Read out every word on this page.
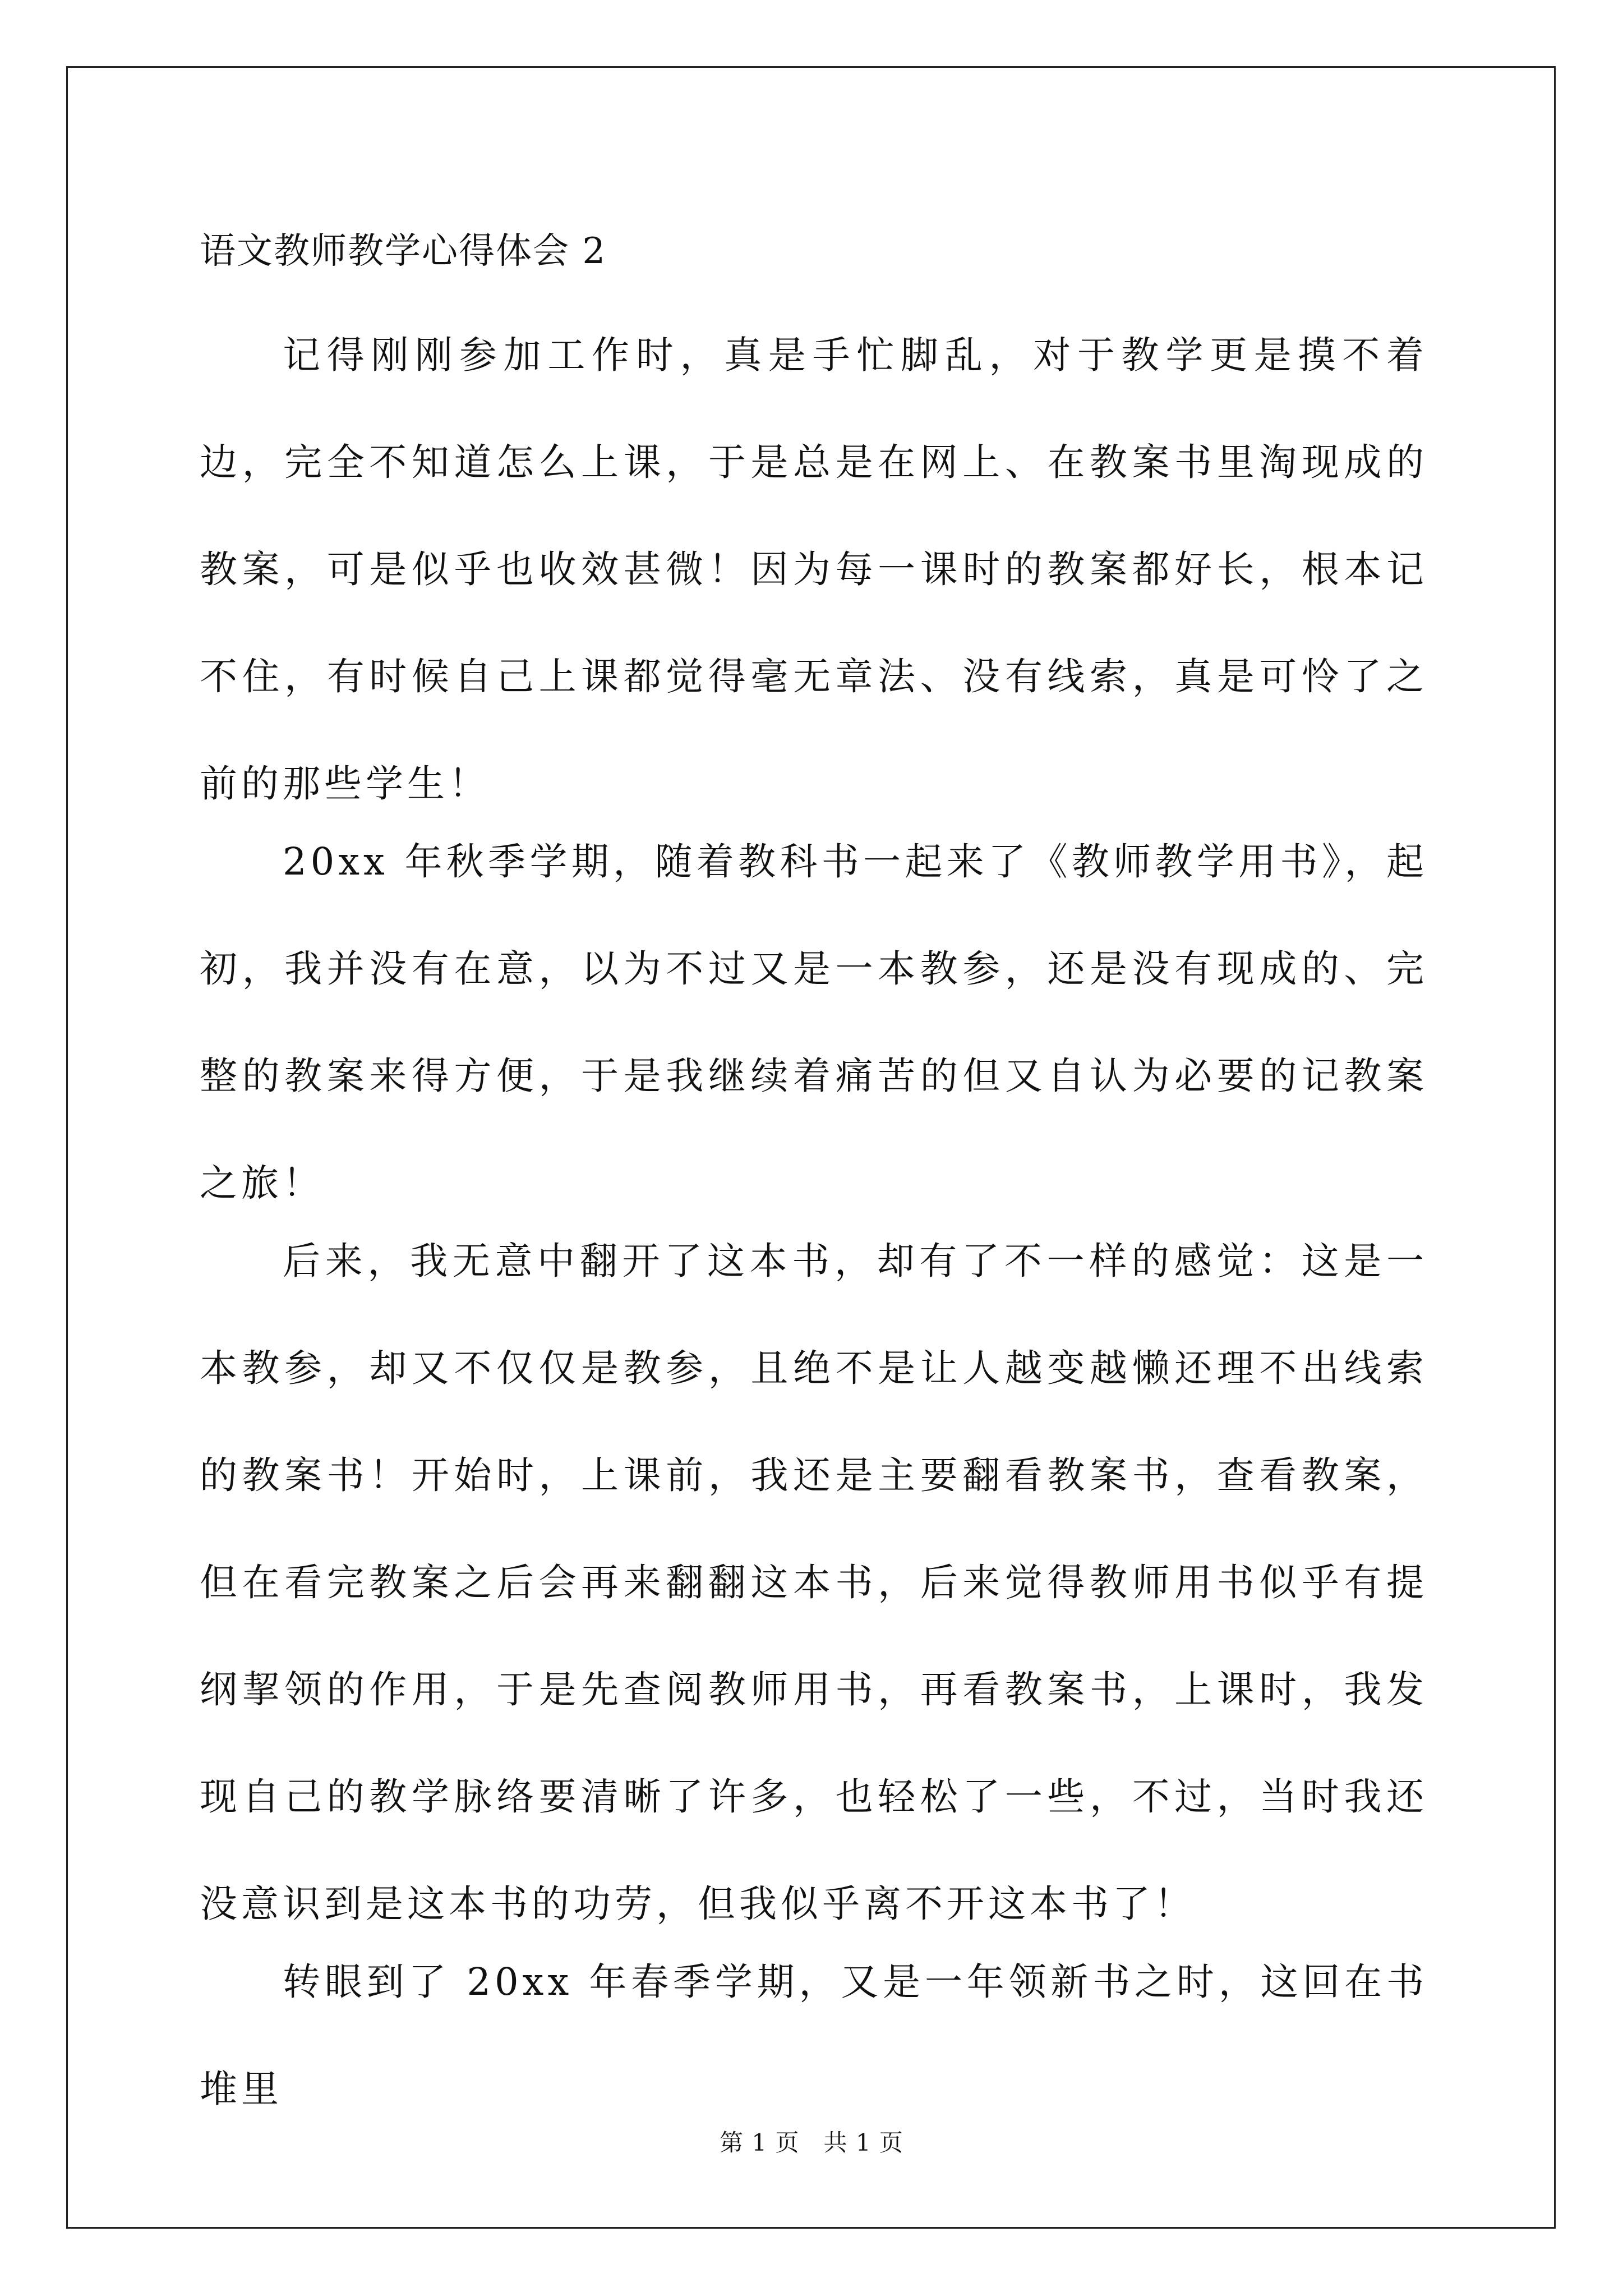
语文教师教学心得体会 2

记得刚刚参加工作时，真是手忙脚乱，对于教学更是摸不着边，完全不知道怎么上课，于是总是在网上、在教案书里淘现成的教案，可是似乎也收效甚微！因为每一课时的教案都好长，根本记不住，有时候自己上课都觉得毫无章法、没有线索，真是可怜了之前的那些学生！

20xx 年秋季学期，随着教科书一起来了《教师教学用书》，起初，我并没有在意，以为不过又是一本教参，还是没有现成的、完整的教案来得方便，于是我继续着痛苦的但又自认为必要的记教案之旅！

后来，我无意中翻开了这本书，却有了不一样的感觉：这是一本教参，却又不仅仅是教参，且绝不是让人越变越懒还理不出线索的教案书！开始时，上课前，我还是主要翻看教案书，查看教案，但在看完教案之后会再来翻翻这本书，后来觉得教师用书似乎有提纲挈领的作用，于是先查阅教师用书，再看教案书，上课时，我发现自己的教学脉络要清晰了许多，也轻松了一些，不过，当时我还没意识到是这本书的功劳，但我似乎离不开这本书了！

转眼到了 20xx 年春季学期，又是一年领新书之时，这回在书堆里

第 1 页　共 1 页
